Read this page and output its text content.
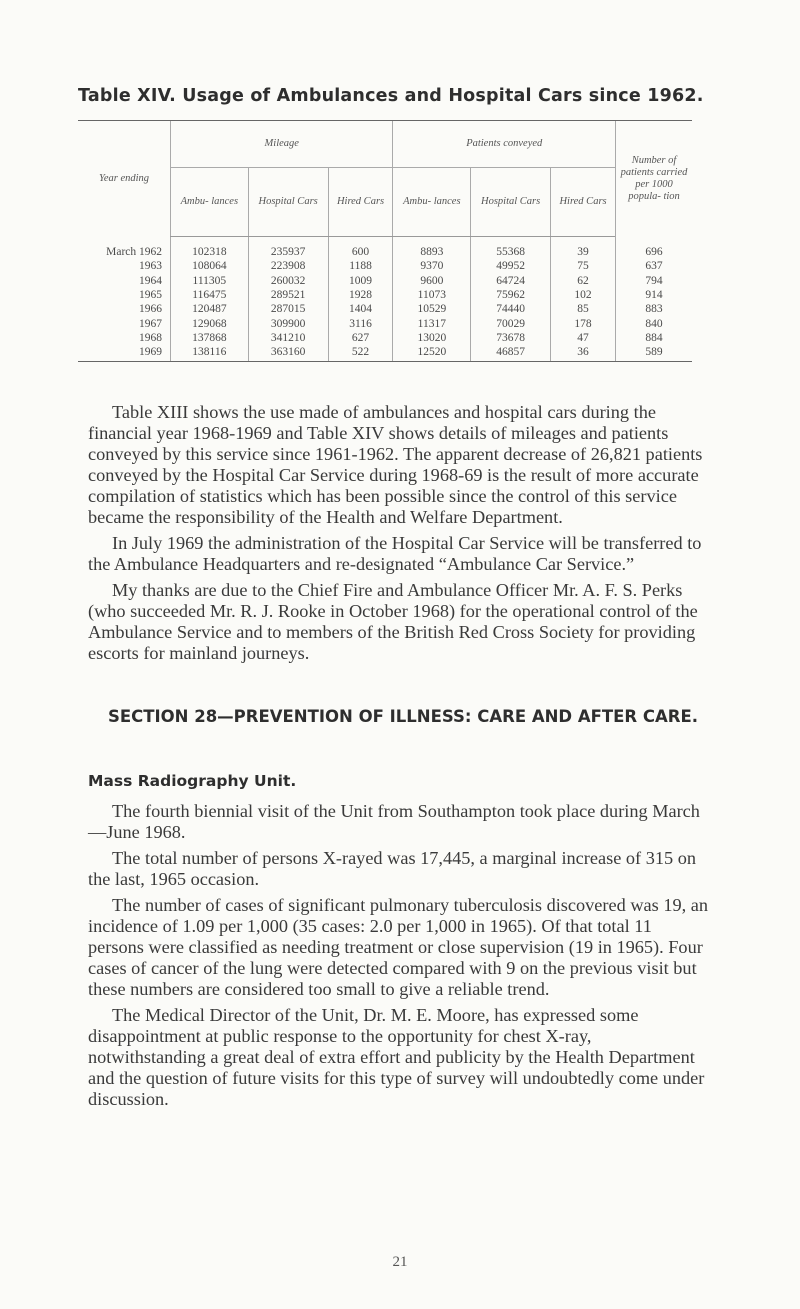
Table XIV. Usage of Ambulances and Hospital Cars since 1962.
Year ending	Mileage			Patients conveyed			Number of patients carried per 1000 popula- tion
	Ambu- lances	Hospital Cars	Hired Cars	Ambu- lances	Hospital Cars	Hired Cars	
March 1962	102318	235937	600	8893	55368	39	696
1963	108064	223908	1188	9370	49952	75	637
1964	111305	260032	1009	9600	64724	62	794
1965	116475	289521	1928	11073	75962	102	914
1966	120487	287015	1404	10529	74440	85	883
1967	129068	309900	3116	11317	70029	178	840
1968	137868	341210	627	13020	73678	47	884
1969	138116	363160	522	12520	46857	36	589

Table XIII shows the use made of ambulances and hospital cars during the financial year 1968-1969 and Table XIV shows details of mileages and patients conveyed by this service since 1961-1962. The apparent decrease of 26,821 patients conveyed by the Hospital Car Service during 1968-69 is the result of more accurate compilation of statistics which has been possible since the control of this service became the responsibility of the Health and Welfare Department.

In July 1969 the administration of the Hospital Car Service will be transferred to the Ambulance Headquarters and re-designated “Ambulance Car Service.”

My thanks are due to the Chief Fire and Ambulance Officer Mr. A. F. S. Perks (who succeeded Mr. R. J. Rooke in October 1968) for the operational control of the Ambulance Service and to members of the British Red Cross Society for providing escorts for mainland journeys.

SECTION 28—PREVENTION OF ILLNESS: CARE AND AFTER CARE.
Mass Radiography Unit.

The fourth biennial visit of the Unit from Southampton took place during March—June 1968.

The total number of persons X-rayed was 17,445, a marginal increase of 315 on the last, 1965 occasion.

The number of cases of significant pulmonary tuberculosis discovered was 19, an incidence of 1.09 per 1,000 (35 cases: 2.0 per 1,000 in 1965). Of that total 11 persons were classified as needing treatment or close supervision (19 in 1965). Four cases of cancer of the lung were detected compared with 9 on the previous visit but these numbers are considered too small to give a reliable trend.

The Medical Director of the Unit, Dr. M. E. Moore, has expressed some disappointment at public response to the opportunity for chest X-ray, notwithstanding a great deal of extra effort and publicity by the Health Department and the question of future visits for this type of survey will undoubtedly come under discussion.

21
